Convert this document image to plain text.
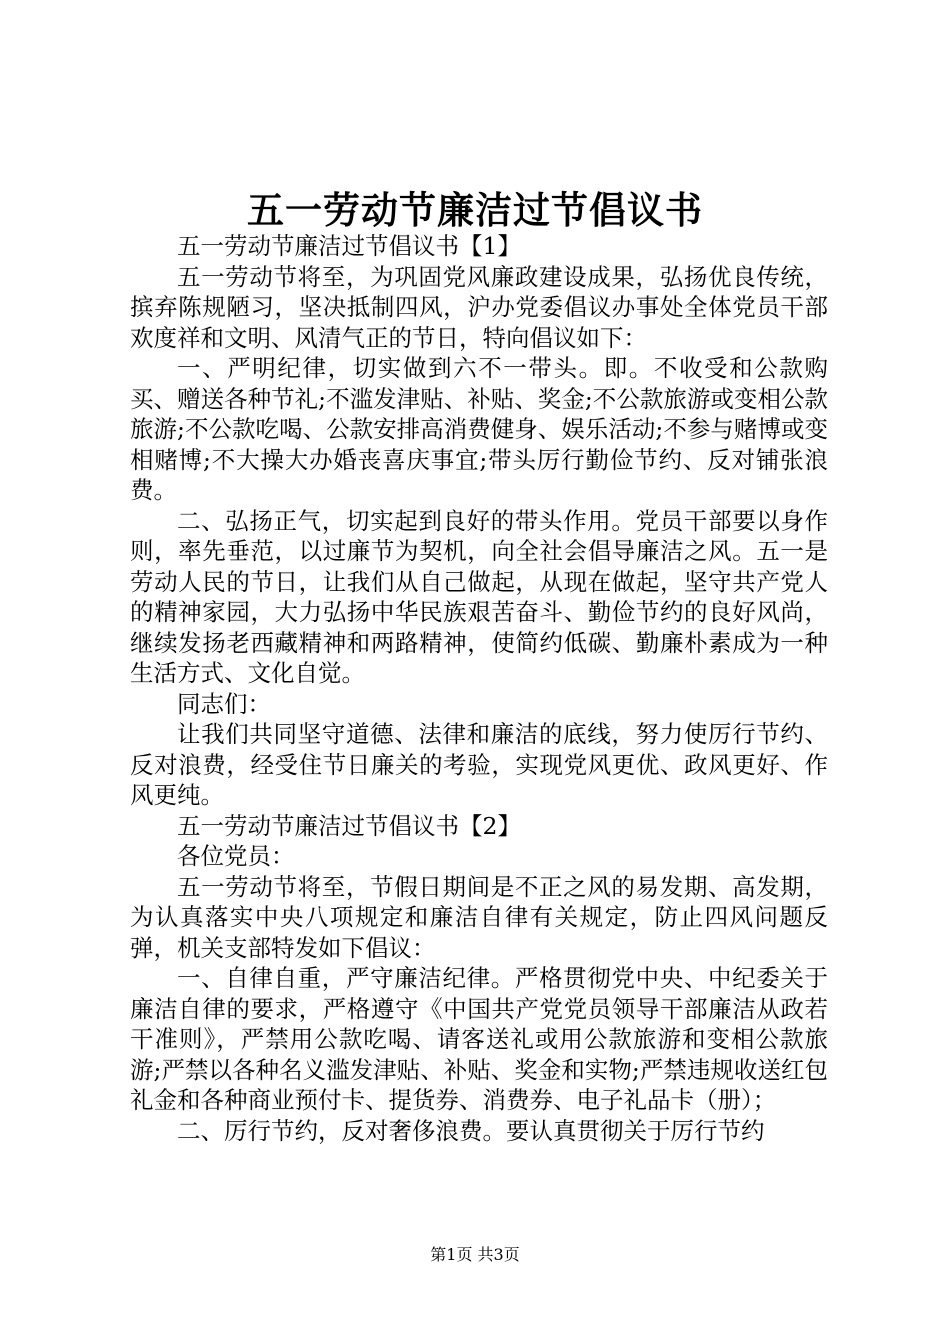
五一劳动节廉洁过节倡议书

五一劳动节廉洁过节倡议书【1】

五一劳动节将至，为巩固党风廉政建设成果，弘扬优良传统，摈弃陈规陋习，坚决抵制四风，沪办党委倡议办事处全体党员干部欢度祥和文明、风清气正的节日，特向倡议如下：

一、严明纪律，切实做到六不一带头。即。不收受和公款购买、赠送各种节礼;不滥发津贴、补贴、奖金;不公款旅游或变相公款旅游;不公款吃喝、公款安排高消费健身、娱乐活动;不参与赌博或变相赌博;不大操大办婚丧喜庆事宜;带头厉行勤俭节约、反对铺张浪费。

二、弘扬正气，切实起到良好的带头作用。党员干部要以身作则，率先垂范，以过廉节为契机，向全社会倡导廉洁之风。五一是劳动人民的节日，让我们从自己做起，从现在做起，坚守共产党人的精神家园，大力弘扬中华民族艰苦奋斗、勤俭节约的良好风尚，继续发扬老西藏精神和两路精神，使简约低碳、勤廉朴素成为一种生活方式、文化自觉。

同志们：

让我们共同坚守道德、法律和廉洁的底线，努力使厉行节约、反对浪费，经受住节日廉关的考验，实现党风更优、政风更好、作风更纯。

五一劳动节廉洁过节倡议书【2】

各位党员：

五一劳动节将至，节假日期间是不正之风的易发期、高发期，为认真落实中央八项规定和廉洁自律有关规定，防止四风问题反弹，机关支部特发如下倡议：

一、自律自重，严守廉洁纪律。严格贯彻党中央、中纪委关于廉洁自律的要求，严格遵守《中国共产党党员领导干部廉洁从政若干准则》，严禁用公款吃喝、请客送礼或用公款旅游和变相公款旅游;严禁以各种名义滥发津贴、补贴、奖金和实物;严禁违规收送红包礼金和各种商业预付卡、提货券、消费券、电子礼品卡（册）；

二、厉行节约，反对奢侈浪费。要认真贯彻关于厉行节约

第1页 共3页
